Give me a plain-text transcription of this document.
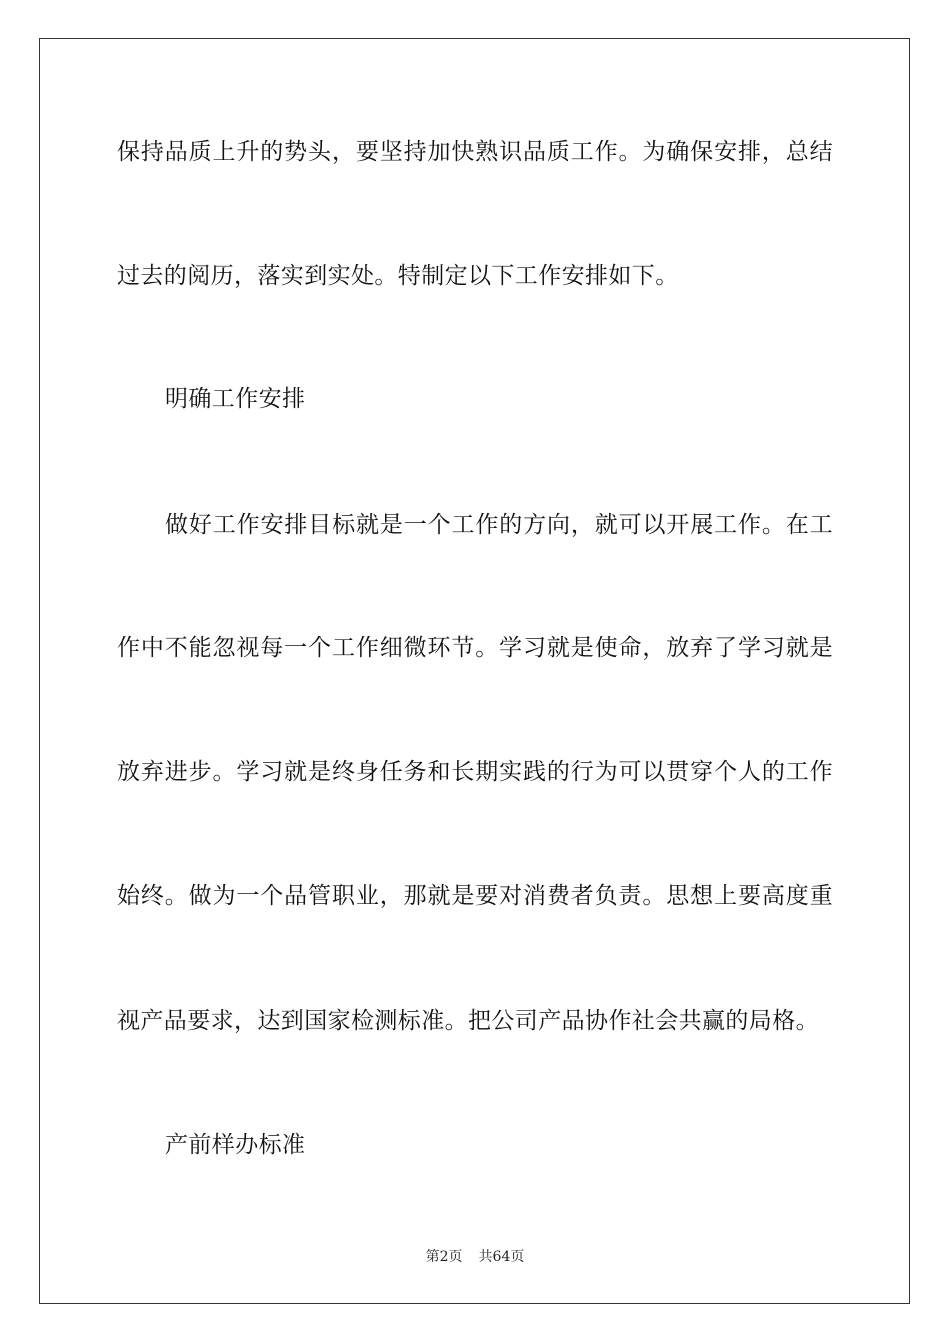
保持品质上升的势头，要坚持加快熟识品质工作。为确保安排，总结
过去的阅历，落实到实处。特制定以下工作安排如下。
明确工作安排
做好工作安排目标就是一个工作的方向，就可以开展工作。在工
作中不能忽视每一个工作细微环节。学习就是使命，放弃了学习就是
放弃进步。学习就是终身任务和长期实践的行为可以贯穿个人的工作
始终。做为一个品管职业，那就是要对消费者负责。思想上要高度重
视产品要求，达到国家检测标准。把公司产品协作社会共赢的局格。
产前样办标准
第2页 共64页
